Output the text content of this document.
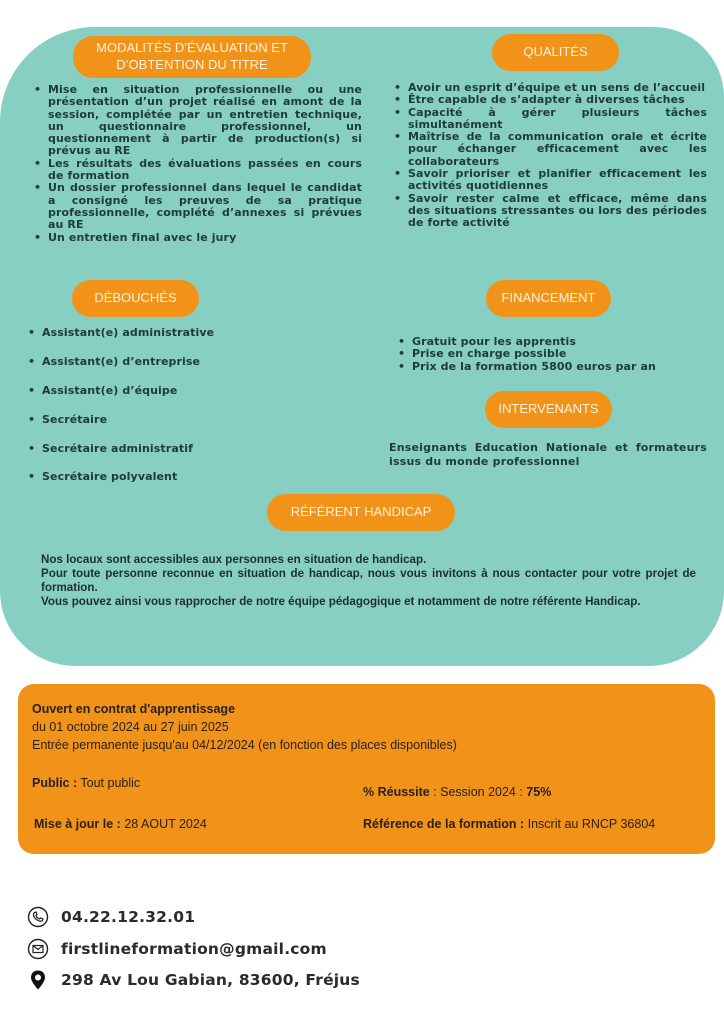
MODALITÉS D’ÉVALUATION ET
D’OBTENTION DU TITRE
• Mise en situation professionnelle ou une présentation d’un projet réalisé en amont de la session, complétée par un entretien technique, un questionnaire professionnel, un questionnement à partir de production(s) si prévus au RE
• Les résultats des évaluations passées en cours de formation
• Un dossier professionnel dans lequel le candidat a consigné les preuves de sa pratique professionnelle, complété d’annexes si prévues au RE
• Un entretien final avec le jury
QUALITÉS
• Avoir un esprit d’équipe et un sens de l’accueil
• Être capable de s’adapter à diverses tâches
• Capacité à gérer plusieurs tâches simultanément
• Maîtrise de la communication orale et écrite pour échanger efficacement avec les collaborateurs
• Savoir prioriser et planifier efficacement les activités quotidiennes
• Savoir rester calme et efficace, même dans des situations stressantes ou lors des périodes de forte activité
DÉBOUCHÉS
• Assistant(e) administrative
• Assistant(e) d’entreprise
• Assistant(e) d’équipe
• Secrétaire
• Secrétaire administratif
• Secrétaire polyvalent
FINANCEMENT
• Gratuit pour les apprentis
• Prise en charge possible
• Prix de la formation 5800 euros par an
INTERVENANTS
Enseignants Education Nationale et formateurs issus du monde professionnel
RÉFÉRENT HANDICAP

Nos locaux sont accessibles aux personnes en situation de handicap.

Pour toute personne reconnue en situation de handicap, nous vous invitons à nous contacter pour votre projet de formation.

Vous pouvez ainsi vous rapprocher de notre équipe pédagogique et notamment de notre référente Handicap.

Ouvert en contrat d'apprentissage
du 01 octobre 2024 au 27 juin 2025
Entrée permanente jusqu'au 04/12/2024 (en fonction des places disponibles)
Public : Tout public
% Réussite : Session 2024 : 75%
Mise à jour le : 28 AOUT 2024	Référence de la formation : Inscrit au RNCP 36804
04.22.12.32.01
firstlineformation@gmail.com
298 Av Lou Gabian, 83600, Fréjus
